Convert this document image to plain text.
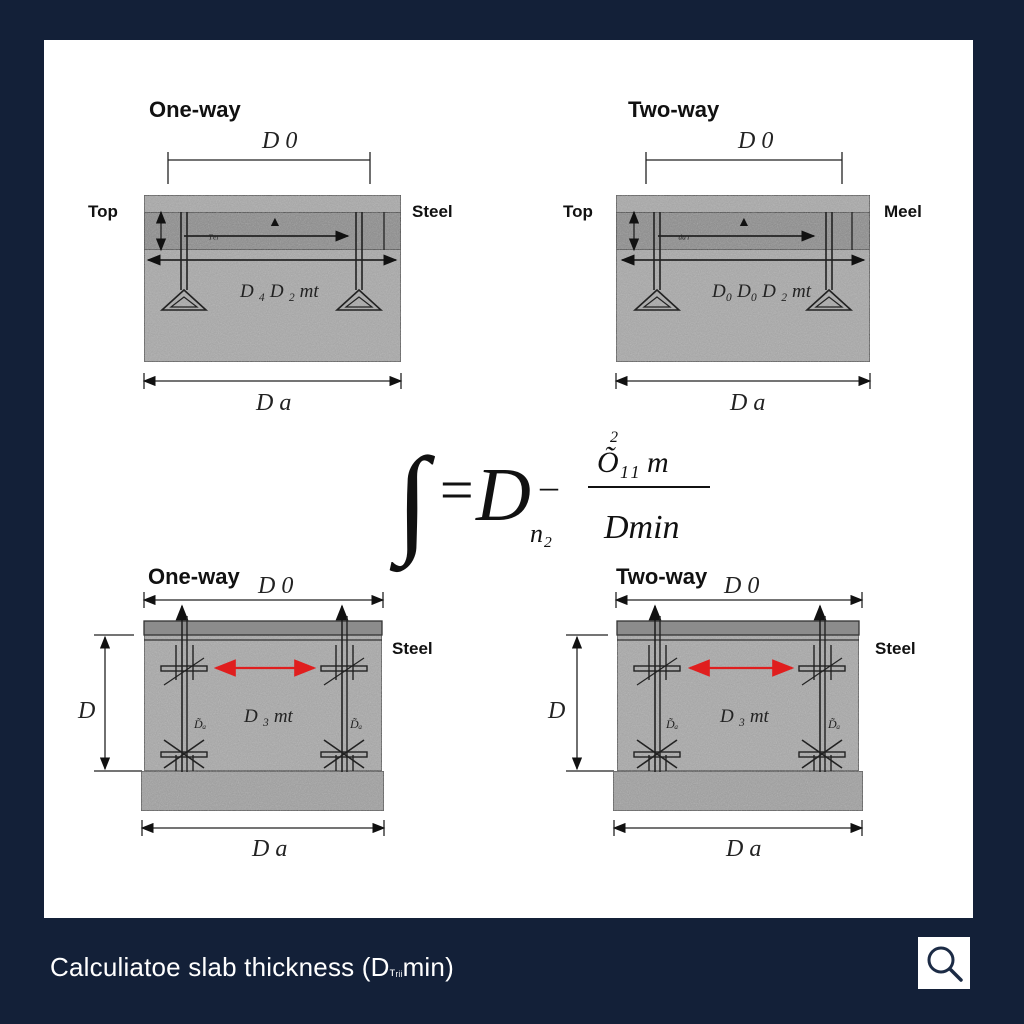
One-way
D 0
Top	Steel
▲
ᵀᵉᶦ
D ₄ D ₂ mt
D a
Two-way
D 0
Top	Meel
▲
ᵈᵃᶦ
D₀ D₀ D ₂ mt
D a
∫ = D –
n₂
2
Õ₁₁ m
Dmin
One-way D 0
Steel
D	D ₃ mt
D̃ₐ	D̃ₐ
D a
Two-way D 0
Steel
D	D ₃ mt
D̃ₐ	D̃ₐ
D a
Calculiatoe slab thickness (Dᴛᵣᵢᵢmin)
